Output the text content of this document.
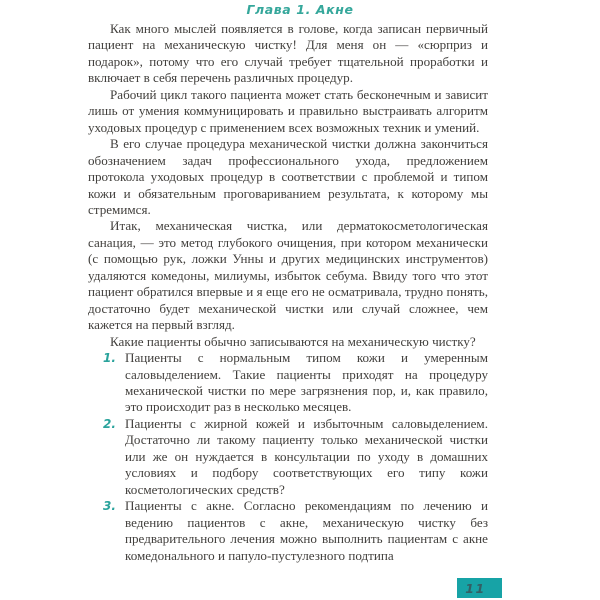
Глава 1. Акне

Как много мыслей появляется в голове, когда записан первичный пациент на механическую чистку! Для меня он — «сюрприз и подарок», потому что его случай требует тщательной проработки и включает в себя перечень различных процедур.

Рабочий цикл такого пациента может стать бесконечным и зависит лишь от умения коммуницировать и правильно выстраивать алгоритм уходовых процедур с применением всех возможных техник и умений.

В его случае процедура механической чистки должна закончиться обозначением задач профессионального ухода, предложением протокола уходовых процедур в соответствии с проблемой и типом кожи и обязательным проговариванием результата, к которому мы стремимся.

Итак, механическая чистка, или дерматокосметологическая санация, — это метод глубокого очищения, при котором механически (с помощью рук, ложки Унны и других медицинских инструментов) удаляются комедоны, милиумы, избыток себума. Ввиду того что этот пациент обратился впервые и я еще его не осматривала, трудно понять, достаточно будет механической чистки или случай сложнее, чем кажется на первый взгляд.

Какие пациенты обычно записываются на механическую чистку?

1. Пациенты с нормальным типом кожи и умеренным саловыделением. Такие пациенты приходят на процедуру механической чистки по мере загрязнения пор, и, как правило, это происходит раз в несколько месяцев.
2. Пациенты с жирной кожей и избыточным саловыделением. Достаточно ли такому пациенту только механической чистки или же он нуждается в консультации по уходу в домашних условиях и подбору соответствующих его типу кожи косметологических средств?
3. Пациенты с акне. Согласно рекомендациям по лечению и ведению пациентов с акне, механическую чистку без предварительного лечения можно выполнить пациентам с акне комедонального и папуло-пустулезного подтипа
11
